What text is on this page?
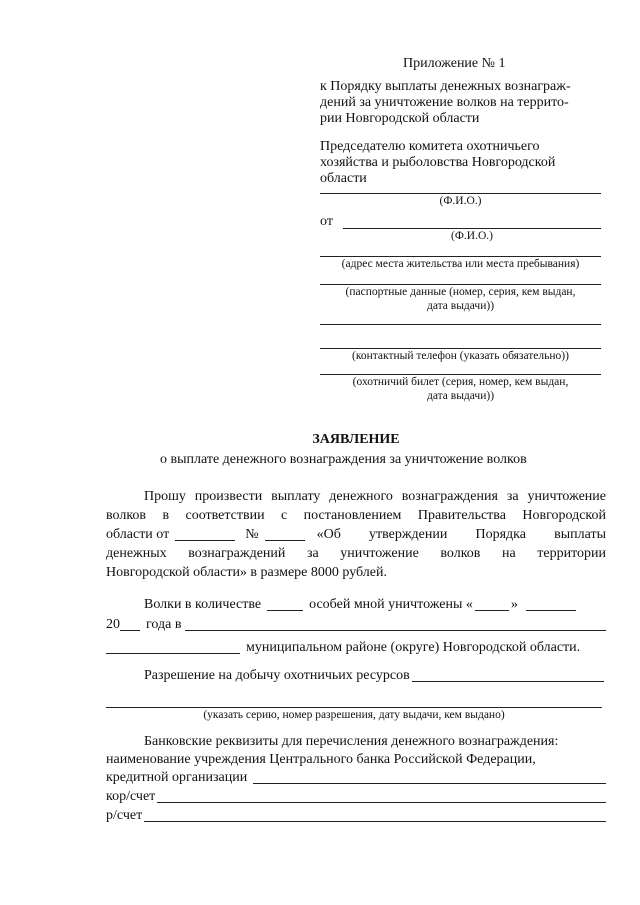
Приложение № 1
к Порядку выплаты денежных вознаграж-
дений за уничтожение волков на террито-
рии Новгородской области
Председателю комитета охотничьего
хозяйства и рыболовства Новгородской
области
(Ф.И.О.)
от
(Ф.И.О.)
(адрес места жительства или места пребывания)
(паспортные данные (номер, серия, кем выдан,
дата выдачи))
(контактный телефон (указать обязательно))
(охотничий билет (серия, номер, кем выдан,
дата выдачи))
ЗАЯВЛЕНИЕ
о выплате денежного вознаграждения за уничтожение волков
Прошу произвести выплату денежного вознаграждения за уничтожение
волков в соответствии с постановлением Правительства Новгородской
области от	№	«Об утверждении Порядка выплаты
денежных вознаграждений за уничтожение волков на территории
Новгородской области» в размере 8000 рублей.
Волки в количестве	особей мной уничтожены «	»
20 года в
муниципальном районе (округе) Новгородской области.
Разрешение на добычу охотничьих ресурсов
(указать серию, номер разрешения, дату выдачи, кем выдано)
Банковские реквизиты для перечисления денежного вознаграждения:
наименование учреждения Центрального банка Российской Федерации,
кредитной организации
кор/счет
р/счет
